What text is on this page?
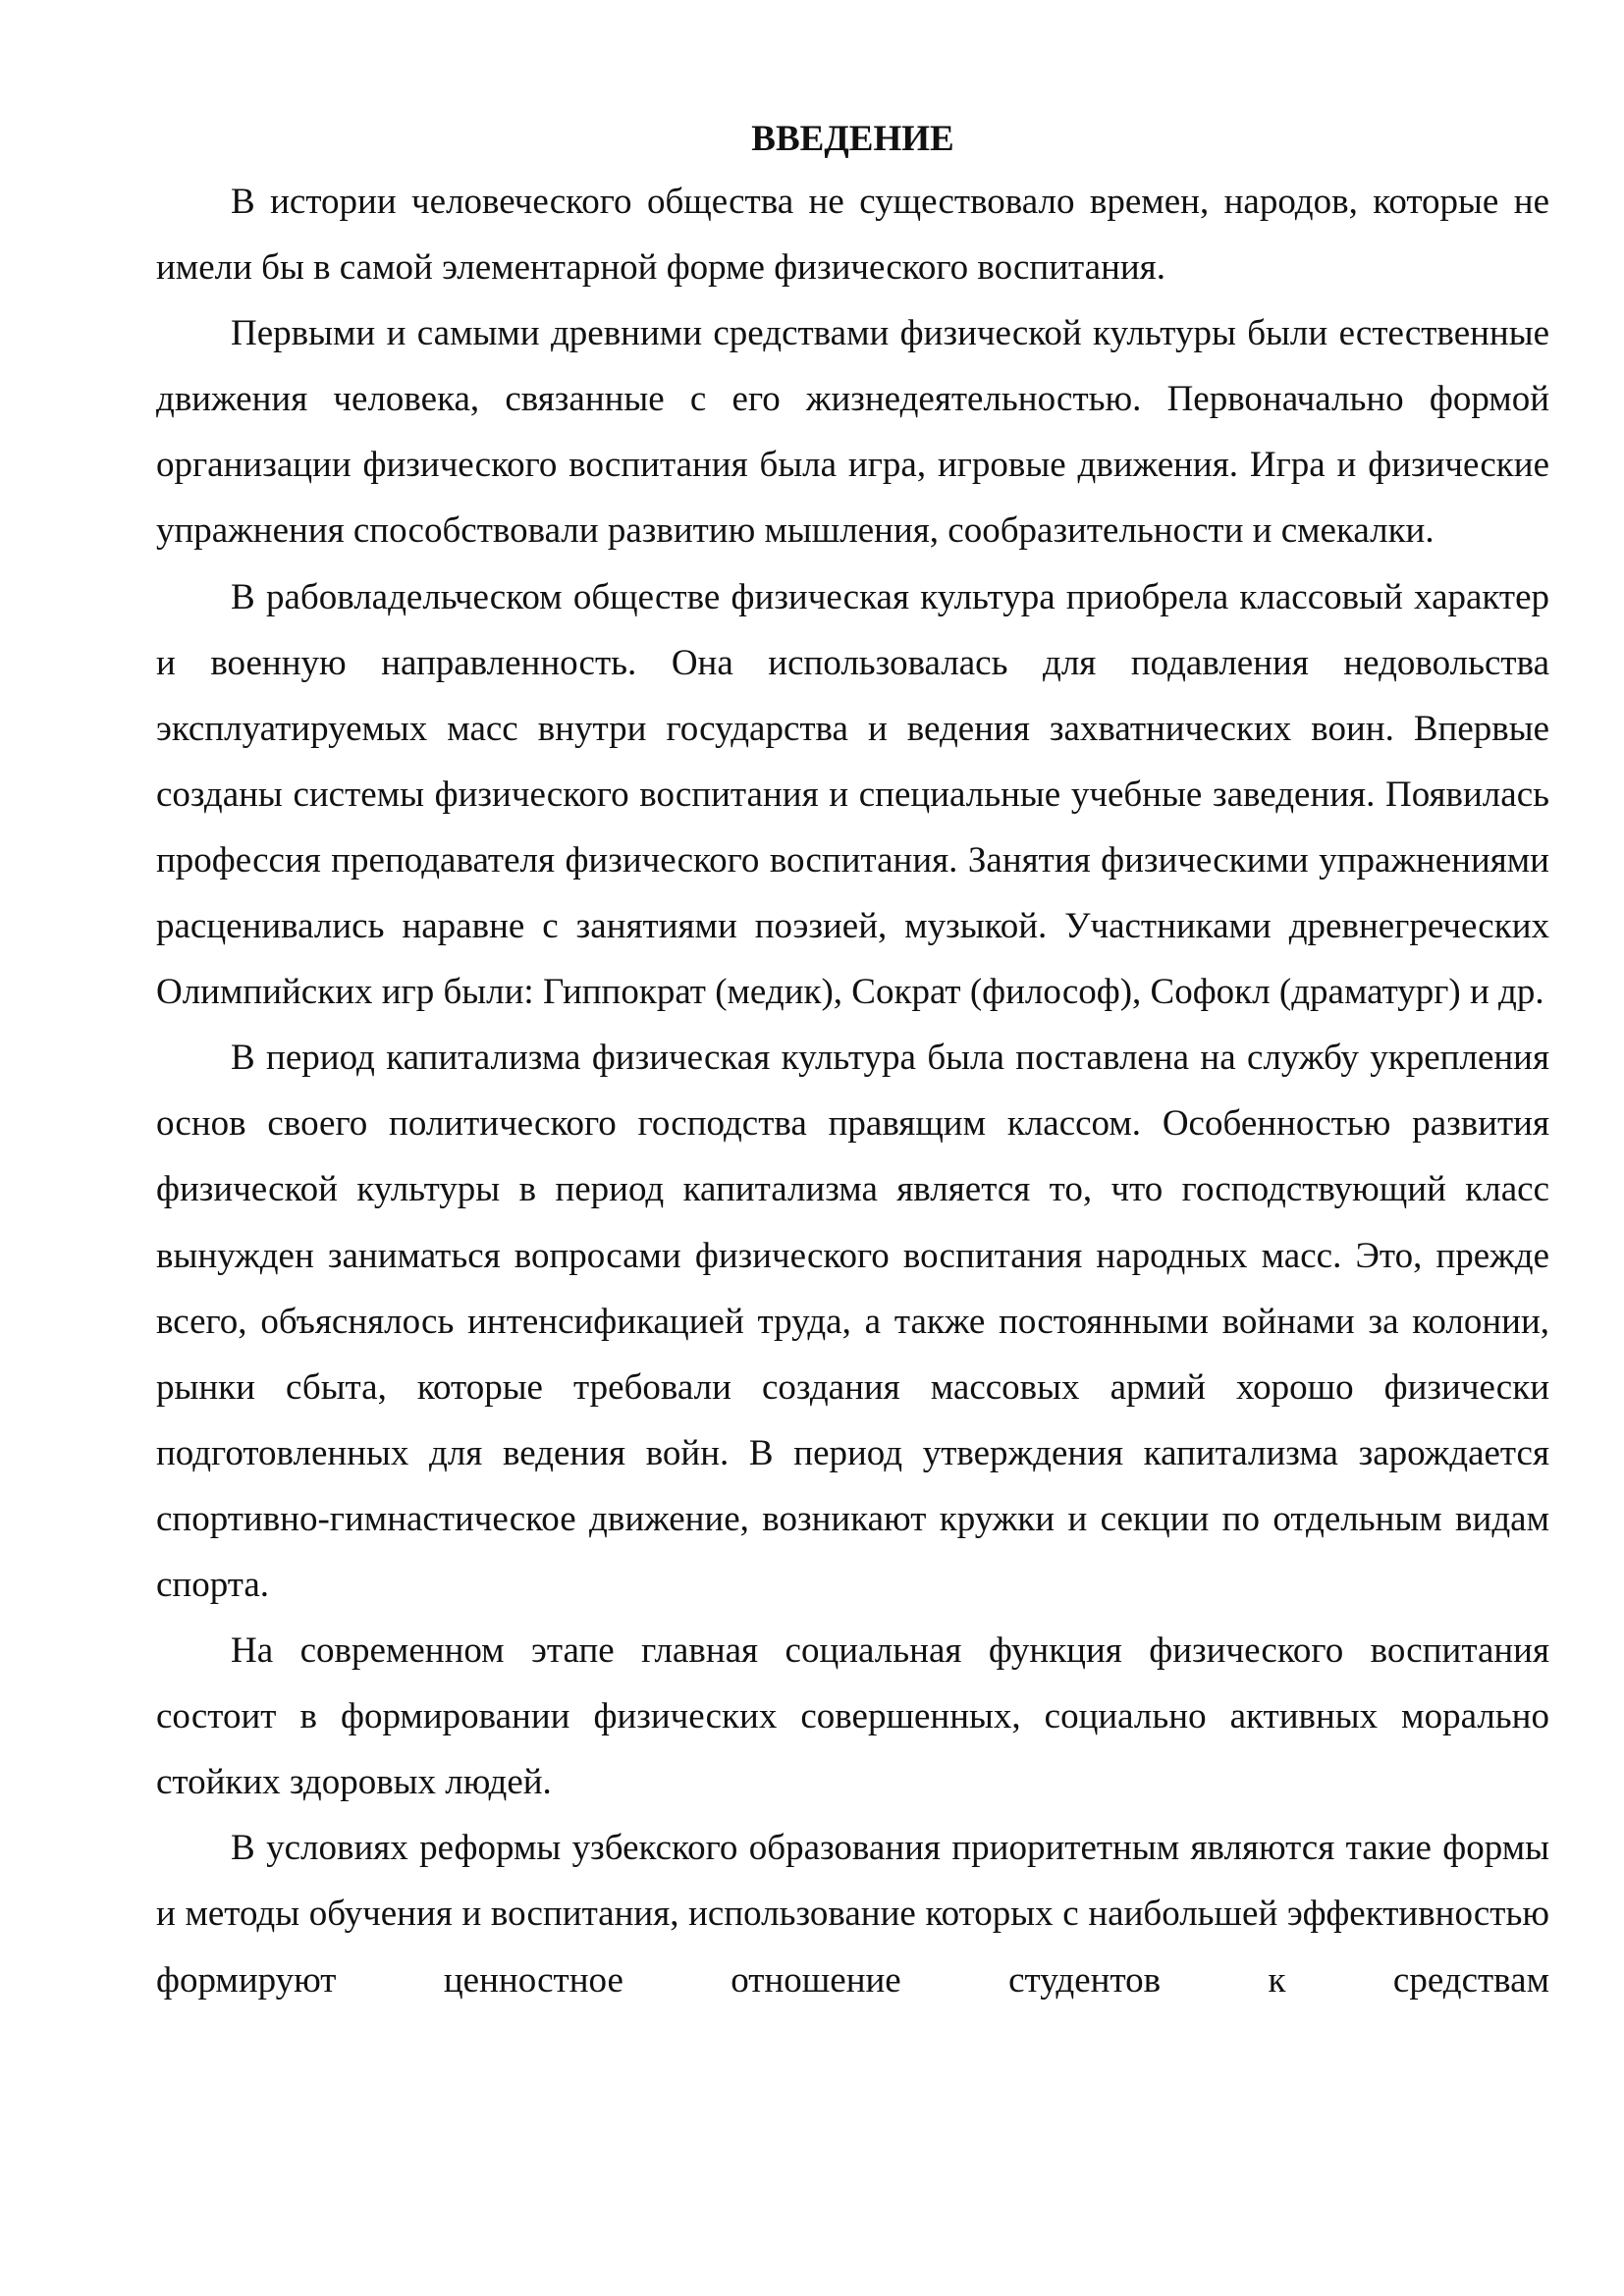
ВВЕДЕНИЕ

В истории человеческого общества не существовало времен, народов, которые не имели бы в самой элементарной форме физического воспитания.

Первыми и самыми древними средствами физической культуры были естественные движения человека, связанные с его жизнедеятельностью. Первоначально формой организации физического воспитания была игра, игровые движения. Игра и физические упражнения способствовали развитию мышления, сообразительности и смекалки.

В рабовладельческом обществе физическая культура приобрела классовый характер и военную направленность. Она использовалась для подавления недовольства эксплуатируемых масс внутри государства и ведения захватнических воин. Впервые созданы системы физического воспитания и специальные учебные заведения. Появилась профессия преподавателя физического воспитания. Занятия физическими упражнениями расценивались наравне с занятиями поэзией, музыкой. Участниками древнегреческих Олимпийских игр были: Гиппократ (медик), Сократ (философ), Софокл (драматург) и др.

В период капитализма физическая культура была поставлена на службу укрепления основ своего политического господства правящим классом. Особенностью развития физической культуры в период капитализма является то, что господствующий класс вынужден заниматься вопросами физического воспитания народных масс. Это, прежде всего, объяснялось интенсификацией труда, а также постоянными войнами за колонии, рынки сбыта, которые требовали создания массовых армий хорошо физически подготовленных для ведения войн. В период утверждения капитализма зарождается спортивно-гимнастическое движение, возникают кружки и секции по отдельным видам спорта.

На современном этапе главная социальная функция физического воспитания состоит в формировании физических совершенных, социально активных морально стойких здоровых людей.

В условиях реформы узбекского образования приоритетным являются такие формы и методы обучения и воспитания, использование которых с наибольшей эффективностью формируют ценностное отношение студентов к средствам
